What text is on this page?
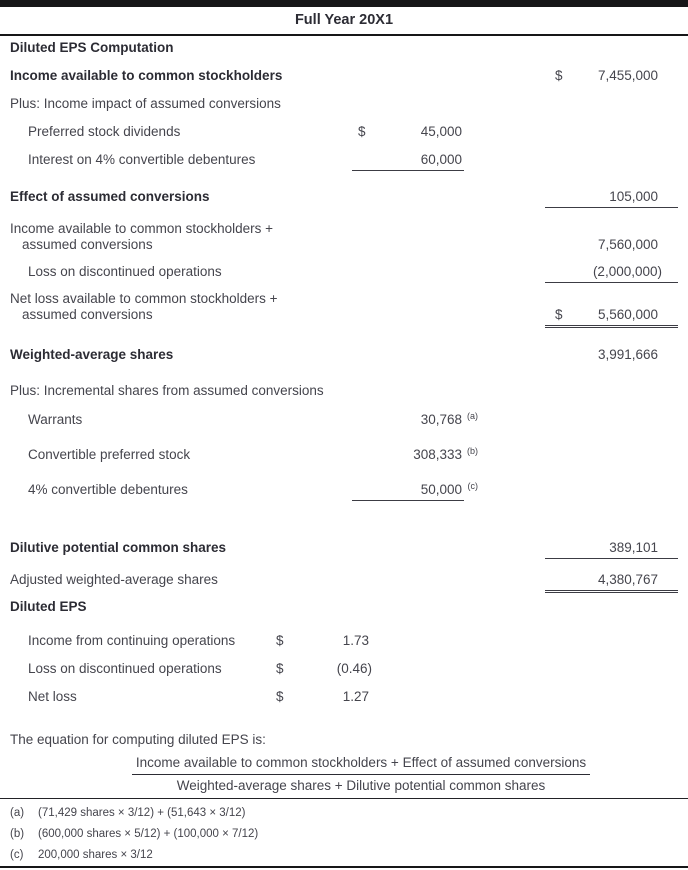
Full Year 20X1
Diluted EPS Computation
Income available to common stockholders	$	7,455,000
Plus: Income impact of assumed conversions
Preferred stock dividends	$	45,000
Interest on 4% convertible debentures	60,000
Effect of assumed conversions	105,000
Income available to common stockholders +
assumed conversions	7,560,000
Loss on discontinued operations	(2,000,000)
Net loss available to common stockholders +
assumed conversions	$	5,560,000
Weighted-average shares	3,991,666
Plus: Incremental shares from assumed conversions
Warrants	30,768 (a)
Convertible preferred stock	308,333 (b)
4% convertible debentures	50,000 (c)
Dilutive potential common shares	389,101
Adjusted weighted-average shares	4,380,767
Diluted EPS
Income from continuing operations	$	1.73
Loss on discontinued operations	$	(0.46)
Net loss	$	1.27
The equation for computing diluted EPS is:
Income available to common stockholders + Effect of assumed conversions
Weighted-average shares + Dilutive potential common shares
(a) (71,429 shares × 3/12) + (51,643 × 3/12)
(b) (600,000 shares × 5/12) + (100,000 × 7/12)
(c) 200,000 shares × 3/12
